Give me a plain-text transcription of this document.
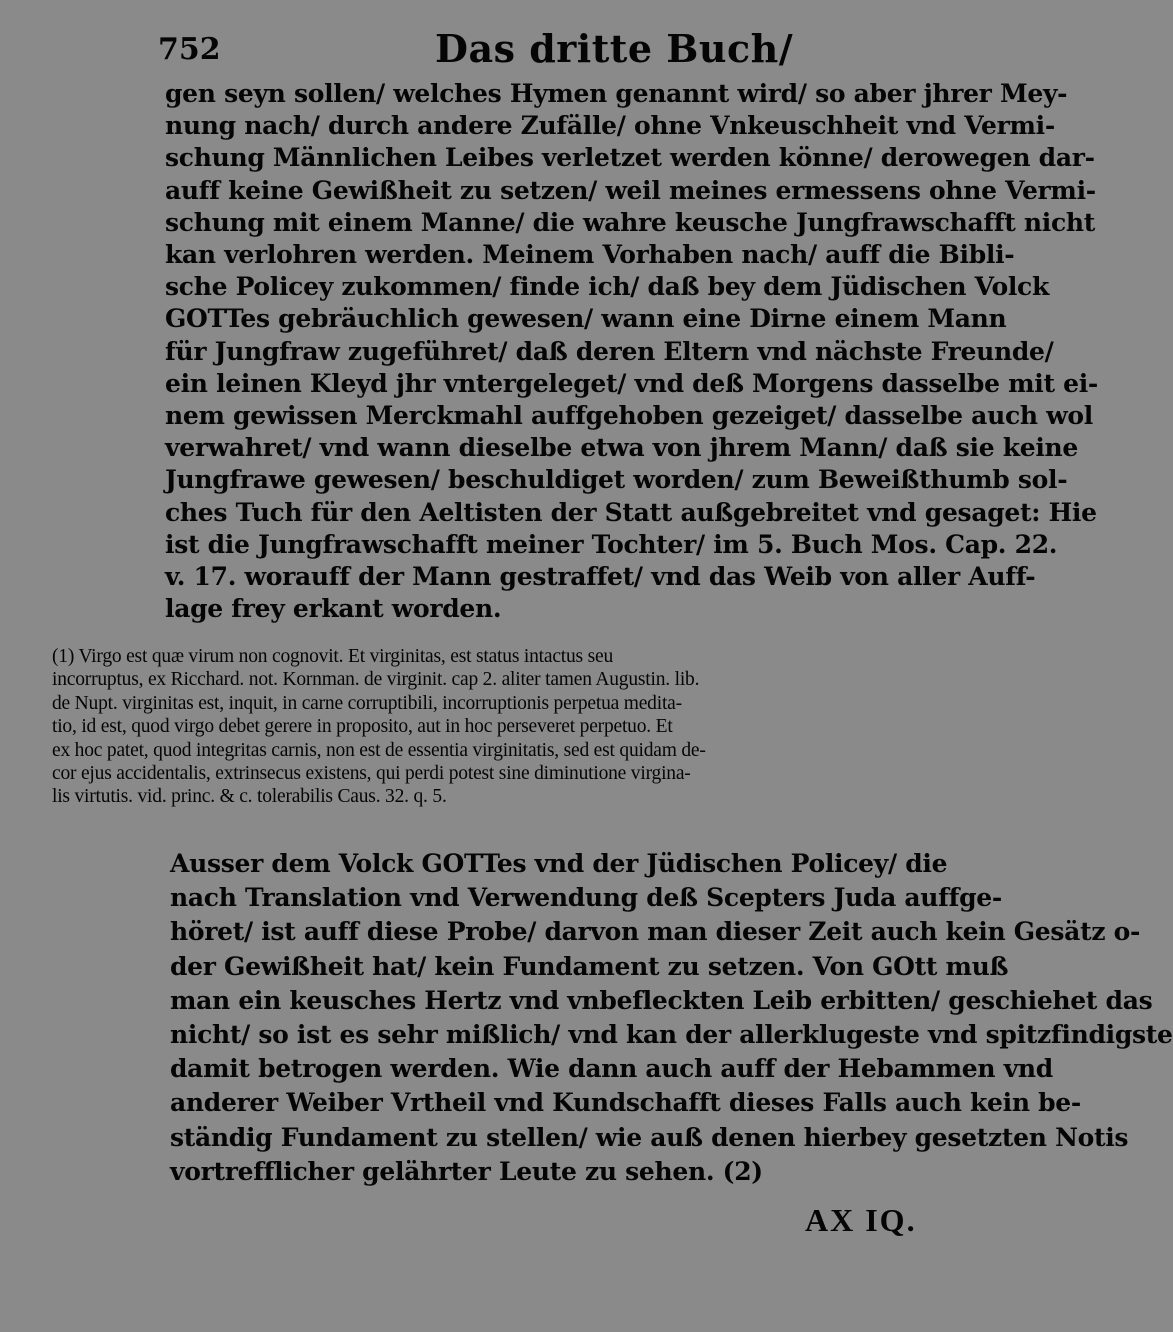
752	Das dritte Buch/
gen seyn sollen/ welches Hymen genannt wird/ so aber jhrer Mey-
nung nach/ durch andere Zufälle/ ohne Vnkeuschheit vnd Vermi-
schung Männlichen Leibes verletzet werden könne/ derowegen dar-
auff keine Gewißheit zu setzen/ weil meines ermessens ohne Vermi-
schung mit einem Manne/ die wahre keusche Jungfrawschafft nicht
kan verlohren werden. Meinem Vorhaben nach/ auff die Bibli-
sche Policey zukommen/ finde ich/ daß bey dem Jüdischen Volck
GOTTes gebräuchlich gewesen/ wann eine Dirne einem Mann
für Jungfraw zugeführet/ daß deren Eltern vnd nächste Freunde/
ein leinen Kleyd jhr vntergeleget/ vnd deß Morgens dasselbe mit ei-
nem gewissen Merckmahl auffgehoben gezeiget/ dasselbe auch wol
verwahret/ vnd wann dieselbe etwa von jhrem Mann/ daß sie keine
Jungfrawe gewesen/ beschuldiget worden/ zum Beweißthumb sol-
ches Tuch für den Aeltisten der Statt außgebreitet vnd gesaget: Hie
ist die Jungfrawschafft meiner Tochter/ im 5. Buch Mos. Cap. 22.
v. 17. worauff der Mann gestraffet/ vnd das Weib von aller Auff-
lage frey erkant worden.
(1) Virgo est quæ virum non cognovit. Et virginitas, est status intactus seu
incorruptus, ex Ricchard. not. Kornman. de virginit. cap 2. aliter tamen Augustin. lib.
de Nupt. virginitas est, inquit, in carne corruptibili, incorruptionis perpetua medita-
tio, id est, quod virgo debet gerere in proposito, aut in hoc perseveret perpetuo. Et
ex hoc patet, quod integritas carnis, non est de essentia virginitatis, sed est quidam de-
cor ejus accidentalis, extrinsecus existens, qui perdi potest sine diminutione virgina-
lis virtutis. vid. princ. & c. tolerabilis Caus. 32. q. 5.
Ausser dem Volck GOTTes vnd der Jüdischen Policey/ die
nach Translation vnd Verwendung deß Scepters Juda auffge-
höret/ ist auff diese Probe/ darvon man dieser Zeit auch kein Gesätz o-
der Gewißheit hat/ kein Fundament zu setzen. Von GOtt muß
man ein keusches Hertz vnd vnbefleckten Leib erbitten/ geschiehet das
nicht/ so ist es sehr mißlich/ vnd kan der allerklugeste vnd spitzfindigste
damit betrogen werden. Wie dann auch auff der Hebammen vnd
anderer Weiber Vrtheil vnd Kundschafft dieses Falls auch kein be-
ständig Fundament zu stellen/ wie auß denen hierbey gesetzten Notis
vortrefflicher gelährter Leute zu sehen. (2)
AX IQ.
